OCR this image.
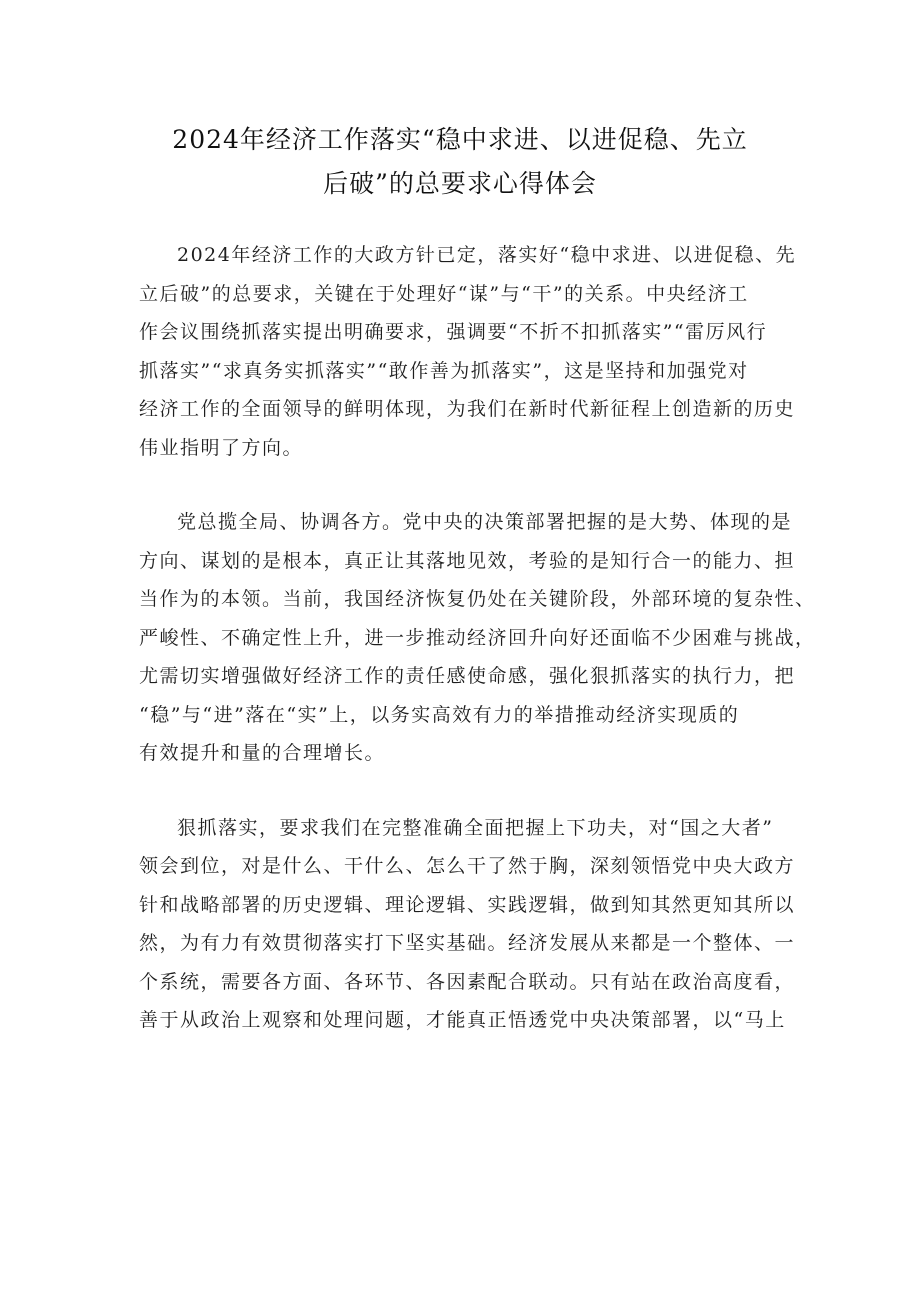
2024年经济工作落实“稳中求进、以进促稳、先立
后破”的总要求心得体会

2024年经济工作的大政方针已定，落实好“稳中求进、以进促稳、先
立后破”的总要求，关键在于处理好“谋”与“干”的关系。中央经济工
作会议围绕抓落实提出明确要求，强调要“不折不扣抓落实”“雷厉风行
抓落实”“求真务实抓落实”“敢作善为抓落实”，这是坚持和加强党对
经济工作的全面领导的鲜明体现，为我们在新时代新征程上创造新的历史
伟业指明了方向。

党总揽全局、协调各方。党中央的决策部署把握的是大势、体现的是
方向、谋划的是根本，真正让其落地见效，考验的是知行合一的能力、担
当作为的本领。当前，我国经济恢复仍处在关键阶段，外部环境的复杂性、
严峻性、不确定性上升，进一步推动经济回升向好还面临不少困难与挑战，
尤需切实增强做好经济工作的责任感使命感，强化狠抓落实的执行力，把
“稳”与“进”落在“实”上，以务实高效有力的举措推动经济实现质的
有效提升和量的合理增长。

狠抓落实，要求我们在完整准确全面把握上下功夫，对“国之大者”
领会到位，对是什么、干什么、怎么干了然于胸，深刻领悟党中央大政方
针和战略部署的历史逻辑、理论逻辑、实践逻辑，做到知其然更知其所以
然，为有力有效贯彻落实打下坚实基础。经济发展从来都是一个整体、一
个系统，需要各方面、各环节、各因素配合联动。只有站在政治高度看，
善于从政治上观察和处理问题，才能真正悟透党中央决策部署，以“马上
